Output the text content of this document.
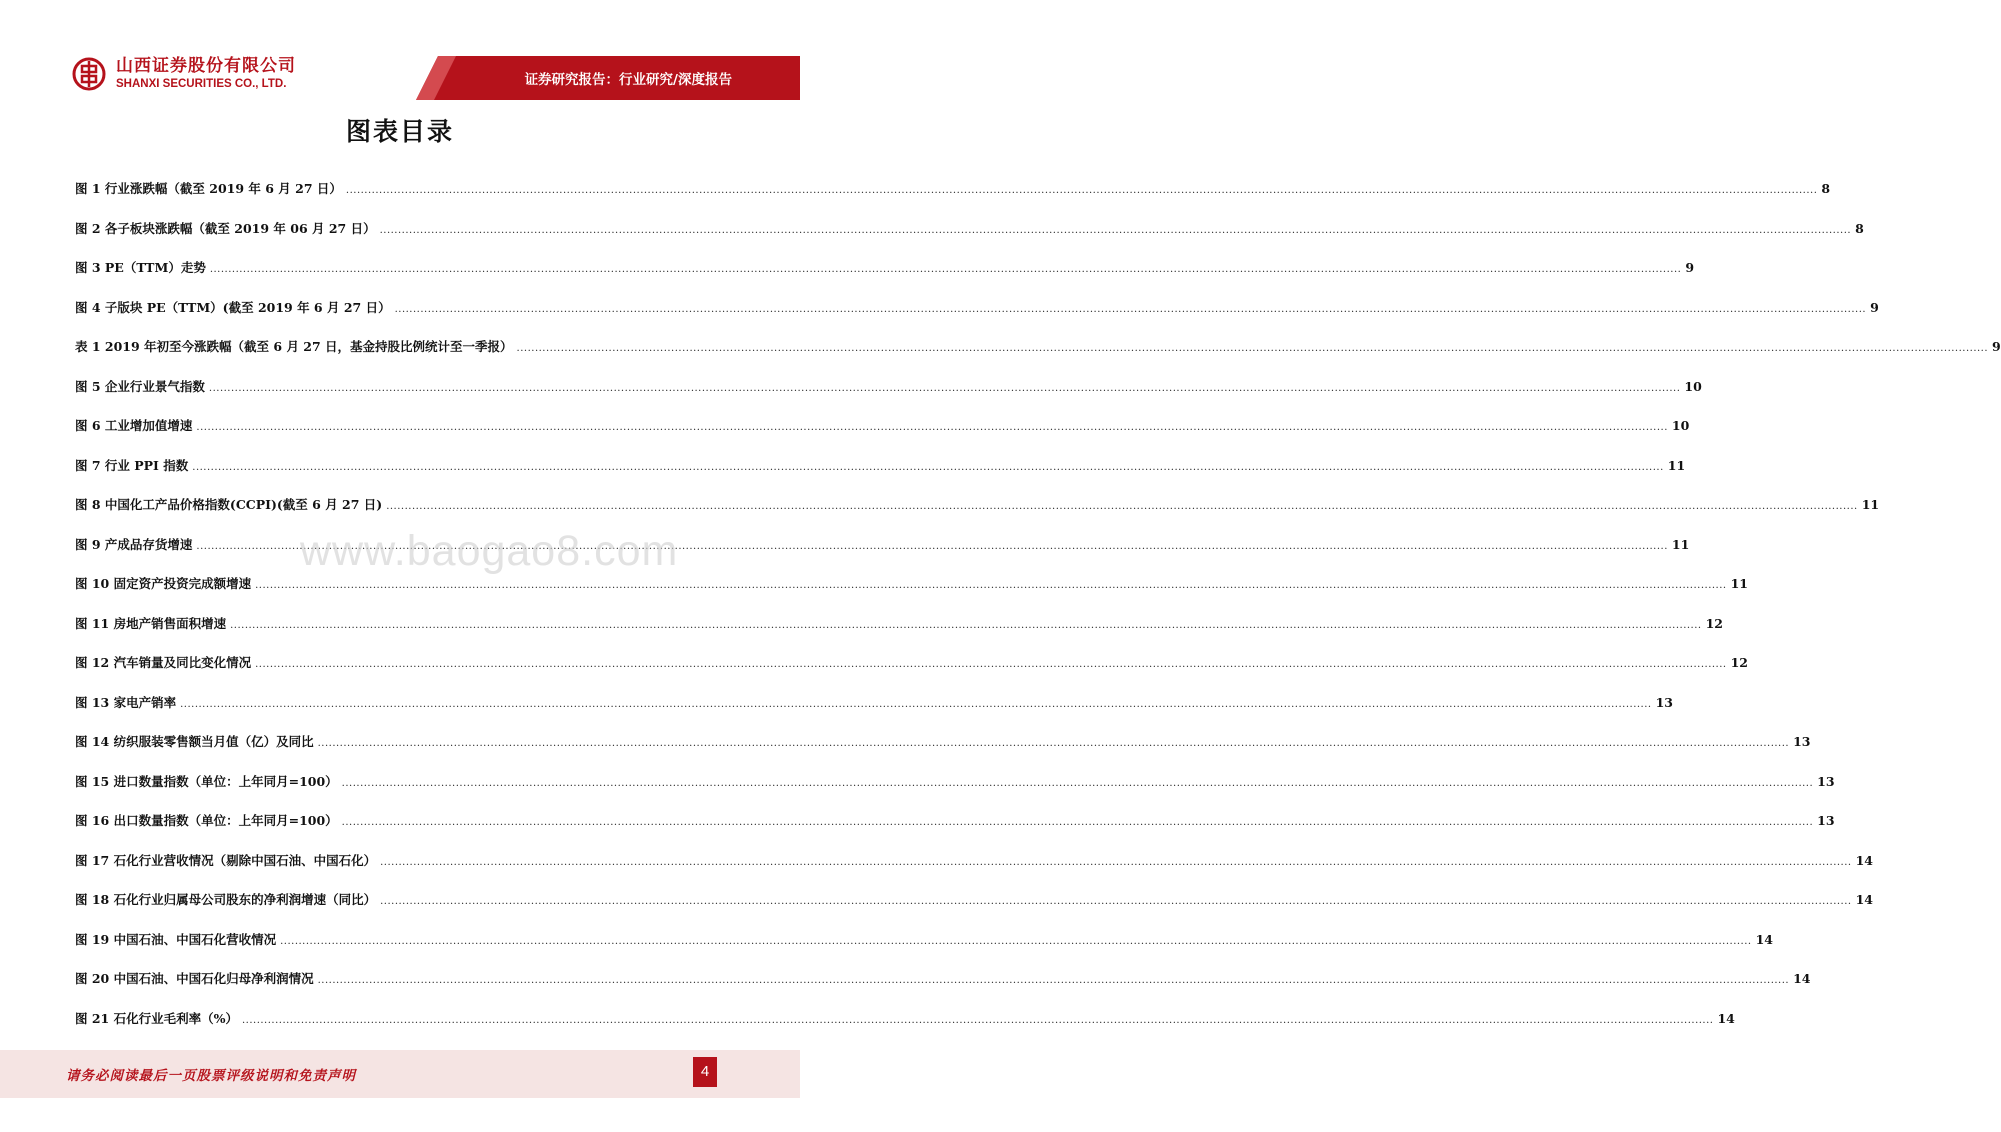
山西证券股份有限公司
SHANXI SECURITIES CO., LTD.	证券研究报告：行业研究/深度报告
图表目录
图 1 行业涨跌幅（截至 2019 年 6 月 27 日） ................................................................................................................................................................................................................................................................................................................................................................................................................ 8
图 2 各子板块涨跌幅（截至 2019 年 06 月 27 日） ................................................................................................................................................................................................................................................................................................................................................................................................................ 8
图 3 PE（TTM）走势 ................................................................................................................................................................................................................................................................................................................................................................................................................ 9
图 4 子版块 PE（TTM）(截至 2019 年 6 月 27 日） ................................................................................................................................................................................................................................................................................................................................................................................................................ 9
表 1 2019 年初至今涨跌幅（截至 6 月 27 日，基金持股比例统计至一季报） ................................................................................................................................................................................................................................................................................................................................................................................................................ 9
图 5 企业行业景气指数 ................................................................................................................................................................................................................................................................................................................................................................................................................ 10
图 6 工业增加值增速 ................................................................................................................................................................................................................................................................................................................................................................................................................ 10
图 7 行业 PPI 指数 ................................................................................................................................................................................................................................................................................................................................................................................................................ 11
图 8 中国化工产品价格指数(CCPI)(截至 6 月 27 日) ................................................................................................................................................................................................................................................................................................................................................................................................................ 11
图 9 产成品存货增速 ................................................................................................................................................................................................................................................................................................................................................................................................................ 11
图 10 固定资产投资完成额增速 ................................................................................................................................................................................................................................................................................................................................................................................................................ 11
图 11 房地产销售面积增速 ................................................................................................................................................................................................................................................................................................................................................................................................................ 12
图 12 汽车销量及同比变化情况 ................................................................................................................................................................................................................................................................................................................................................................................................................ 12
图 13 家电产销率 ................................................................................................................................................................................................................................................................................................................................................................................................................ 13
图 14 纺织服装零售额当月值（亿）及同比 ................................................................................................................................................................................................................................................................................................................................................................................................................ 13
图 15 进口数量指数（单位：上年同月=100） ................................................................................................................................................................................................................................................................................................................................................................................................................ 13
图 16 出口数量指数（单位：上年同月=100） ................................................................................................................................................................................................................................................................................................................................................................................................................ 13
图 17 石化行业营收情况（剔除中国石油、中国石化） ................................................................................................................................................................................................................................................................................................................................................................................................................ 14
图 18 石化行业归属母公司股东的净利润增速（同比） ................................................................................................................................................................................................................................................................................................................................................................................................................ 14
图 19 中国石油、中国石化营收情况 ................................................................................................................................................................................................................................................................................................................................................................................................................ 14
图 20 中国石油、中国石化归母净利润情况 ................................................................................................................................................................................................................................................................................................................................................................................................................ 14
图 21 石化行业毛利率（%） ................................................................................................................................................................................................................................................................................................................................................................................................................ 14
www.baogao8.com
请务必阅读最后一页股票评级说明和免责声明	4
